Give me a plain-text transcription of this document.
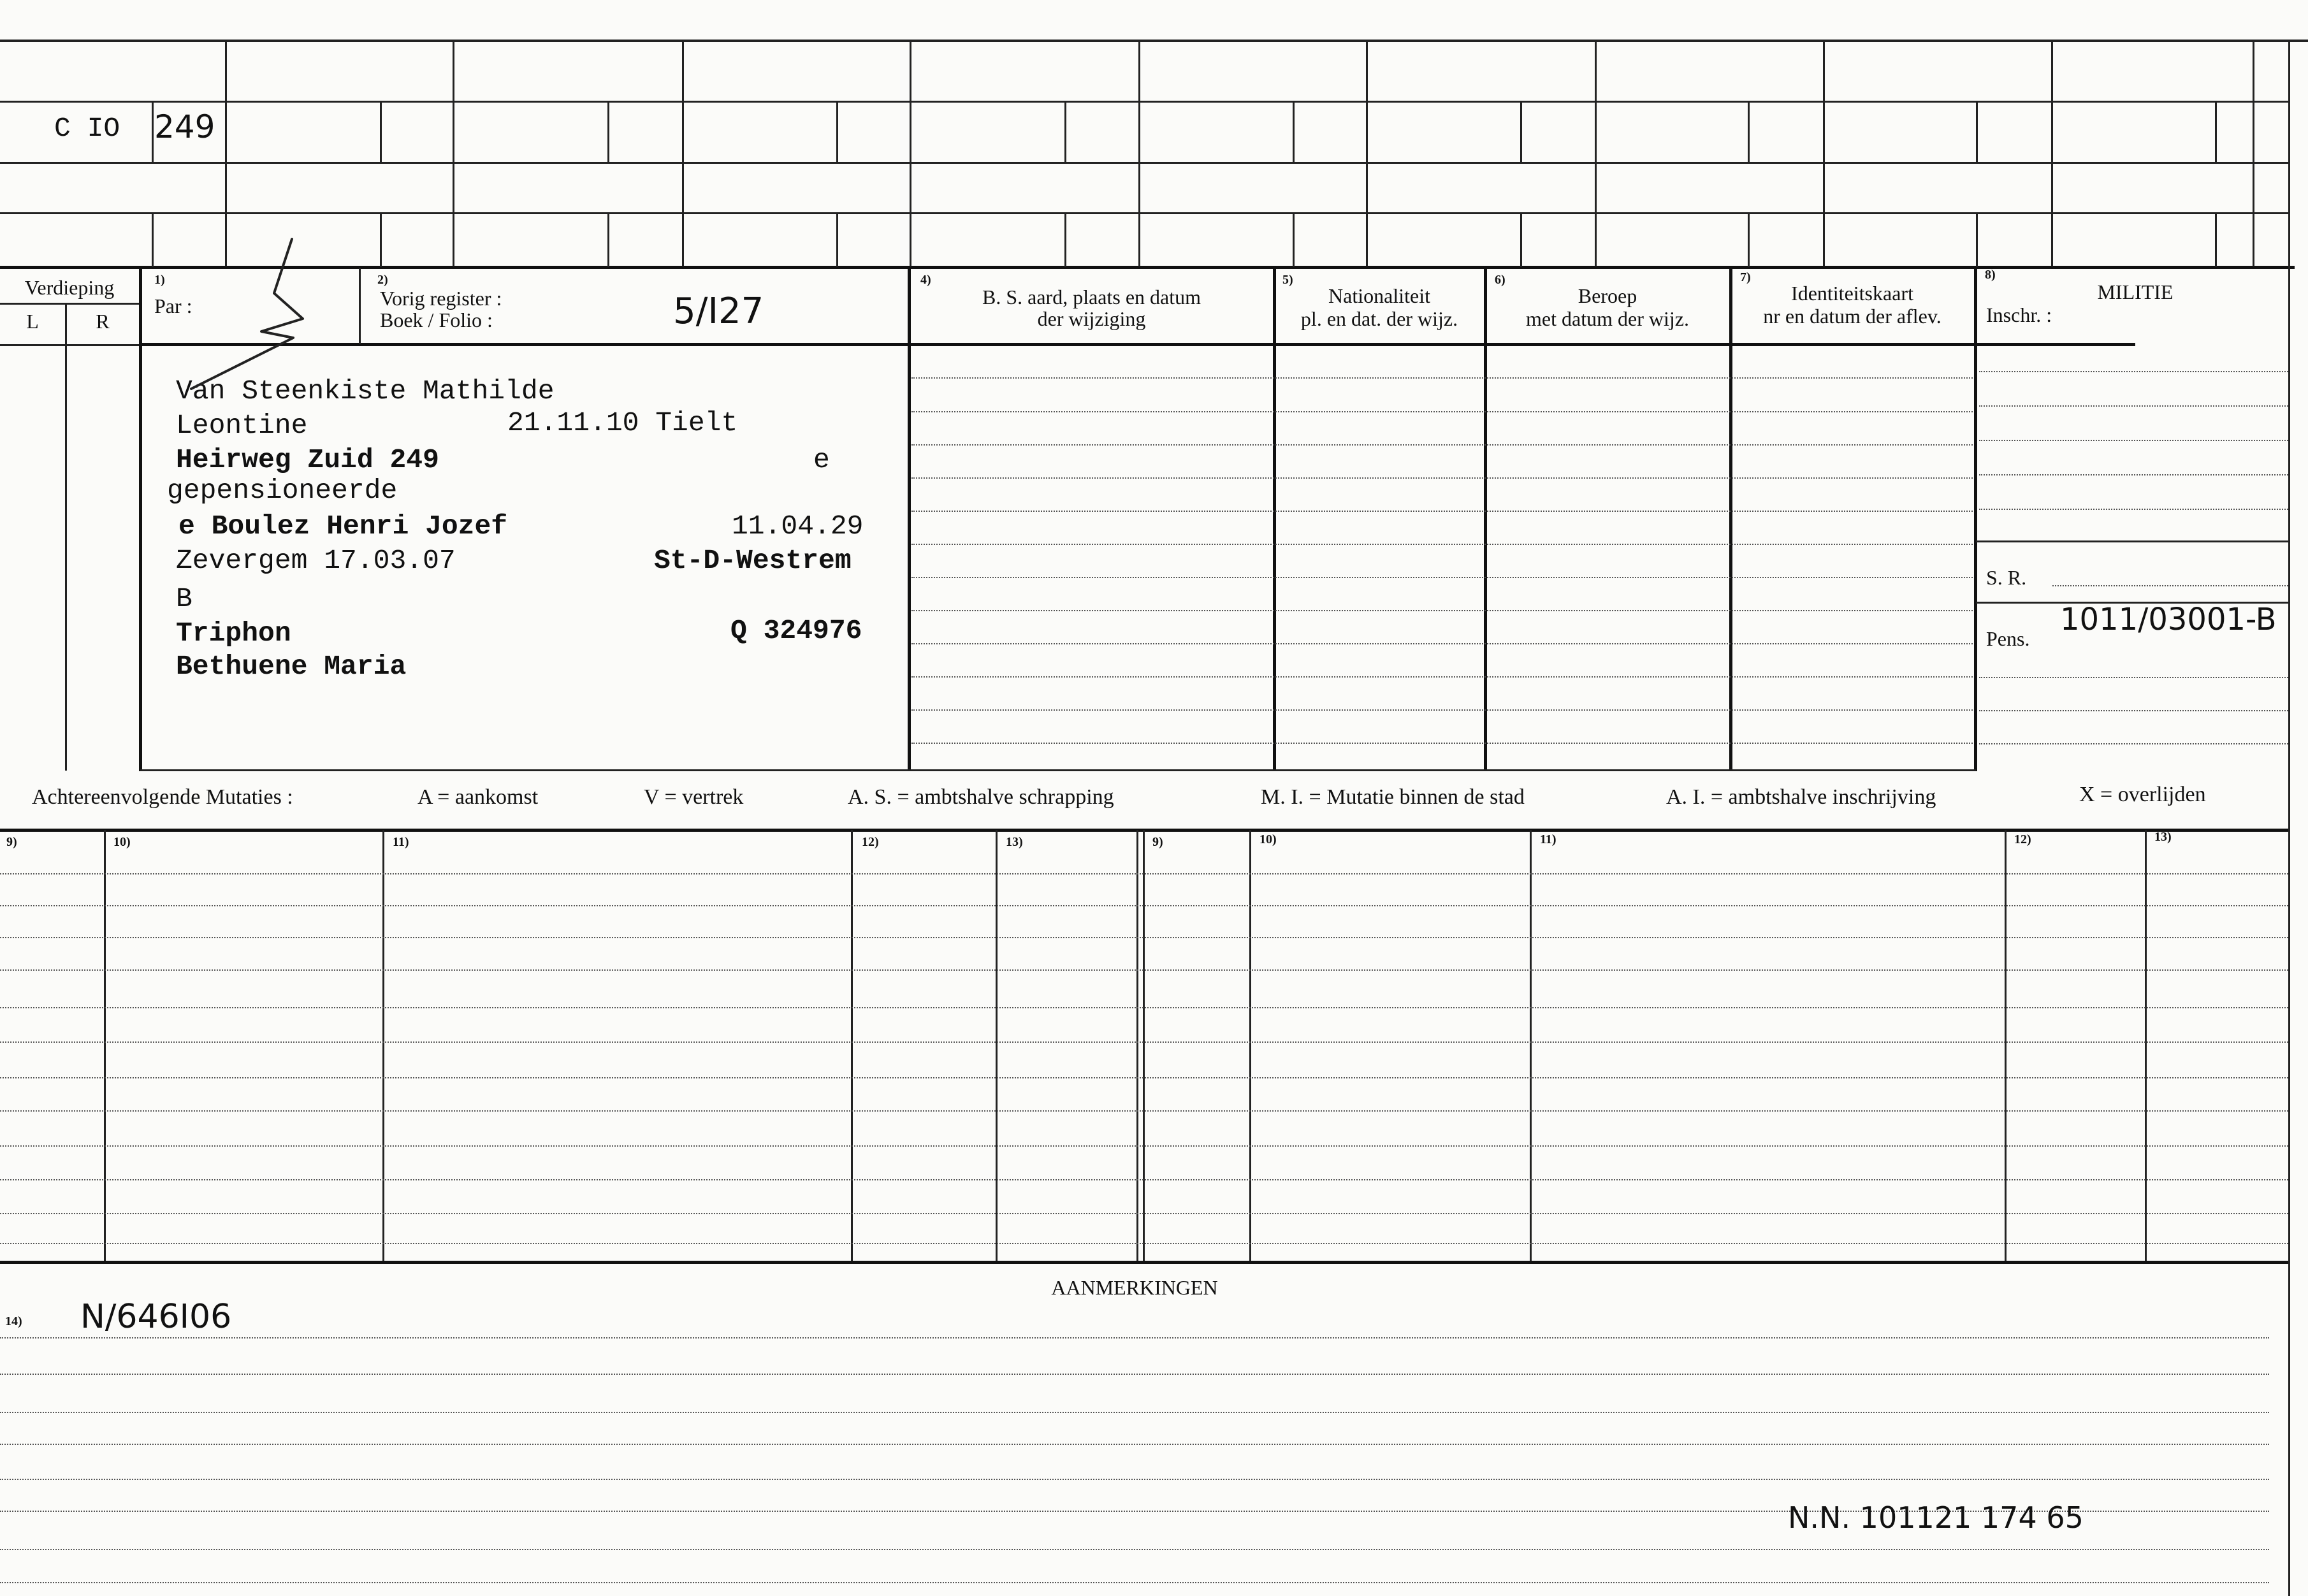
C IO 249
Verdieping
L	R
1)
Par :
2)
Vorig register :
Boek / Folio :	5/I27
4)
B. S. aard, plaats en datum
der wijziging
5)
Nationaliteit
pl. en dat. der wijz.
6)
Beroep
met datum der wijz.
7)
Identiteitskaart
nr en datum der aflev.
8)
MILITIE
Inschr. :
Van Steenkiste Mathilde
Leontine	21.11.10 Tielt
Heirweg Zuid 249	e
gepensioneerde
e Boulez Henri Jozef	11.04.29
Zevergem 17.03.07	St-D-Westrem
B
Triphon	Q 324976
Bethuene Maria
S. R.
Pens.
1011/03001-B
Achtereenvolgende Mutaties :	A = aankomst	V = vertrek	A. S. = ambtshalve schrapping	M. I. = Mutatie binnen de stad	A. I. = ambtshalve inschrijving	X = overlijden
9)	10)	11)	12)	13)	9)	10)	11)	12)	13)
AANMERKINGEN
14) N/646I06
N.N. 101121 174 65
